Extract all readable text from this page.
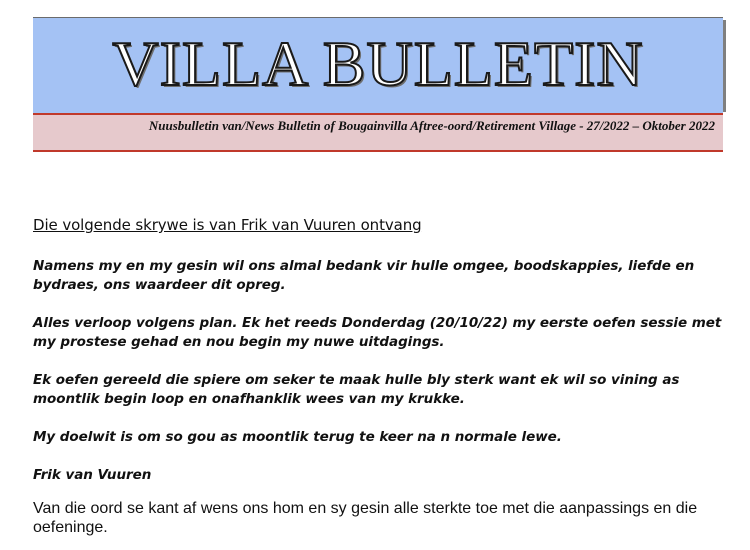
VILLA BULLETIN
Nuusbulletin van/News Bulletin of Bougainvilla Aftree-oord/Retirement Village - 27/2022 – Oktober 2022
Die volgende skrywe is van Frik van Vuuren ontvang

Namens my en my gesin wil ons almal bedank vir hulle omgee, boodskappies, liefde en bydraes, ons waardeer dit opreg.

Alles verloop volgens plan. Ek het reeds Donderdag (20/10/22) my eerste oefen sessie met my prostese gehad en nou begin my nuwe uitdagings.

Ek oefen gereeld die spiere om seker te maak hulle bly sterk want ek wil so vining as moontlik begin loop en onafhanklik wees van my krukke.

My doelwit is om so gou as moontlik terug te keer na n normale lewe.

Frik van Vuuren

Van die oord se kant af wens ons hom en sy gesin alle sterkte toe met die aanpassings en die oefeninge.
